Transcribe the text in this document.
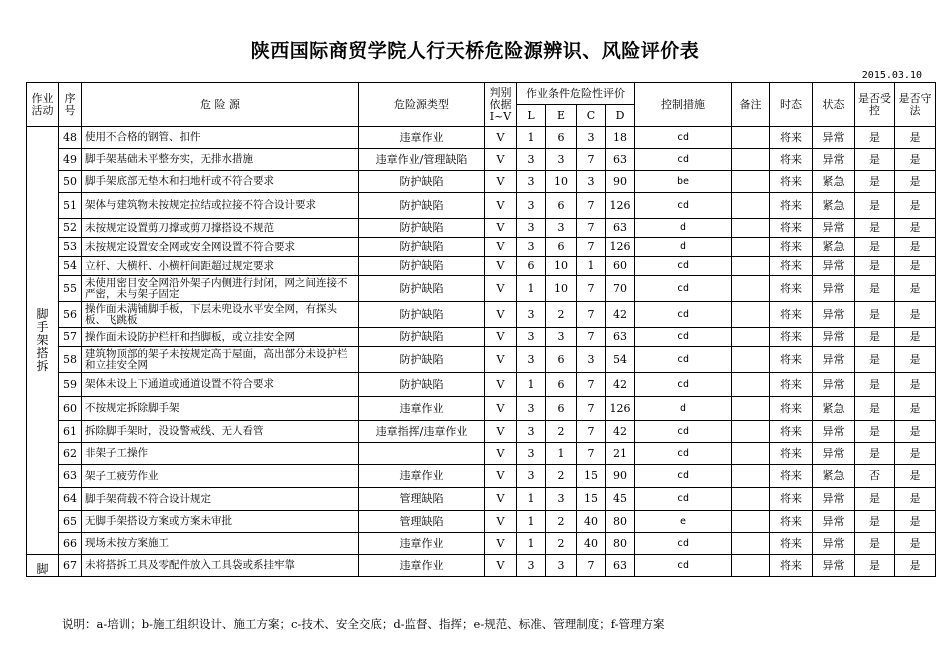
陕西国际商贸学院人行天桥危险源辨识、风险评价表
2015.03.10
作业活动	序号	危 险 源	危险源类型	判别依据I~V	作业条件危险性评价				控制措施	备注	时态	状态	是否受控	是否守法
					L	E	C	D						
脚手架搭拆	48	使用不合格的钢管、扣件	违章作业	V	1	6	3	18	cd		将来	异常	是	是
	49	脚手架基础未平整夯实，无排水措施	违章作业/管理缺陷	V	3	3	7	63	cd		将来	异常	是	是
	50	脚手架底部无垫木和扫地杆或不符合要求	防护缺陷	V	3	10	3	90	be		将来	紧急	是	是
	51	架体与建筑物未按规定拉结或拉接不符合设计要求	防护缺陷	V	3	6	7	126	cd		将来	紧急	是	是
	52	未按规定设置剪刀撑或剪刀撑搭设不规范	防护缺陷	V	3	3	7	63	d		将来	异常	是	是
	53	未按规定设置安全网或安全网设置不符合要求	防护缺陷	V	3	6	7	126	d		将来	紧急	是	是
	54	立杆、大横杆、小横杆间距超过规定要求	防护缺陷	V	6	10	1	60	cd		将来	异常	是	是
	55	未使用密目安全网沿外架子内侧进行封闭，网之间连接不严密，未与架子固定	防护缺陷	V	1	10	7	70	cd		将来	异常	是	是
	56	操作面未满铺脚手板，下层未兜设水平安全网，有探头板、飞跳板	防护缺陷	V	3	2	7	42	cd		将来	异常	是	是
	57	操作面未设防护栏杆和挡脚板，或立挂安全网	防护缺陷	V	3	3	7	63	cd		将来	异常	是	是
	58	建筑物顶部的架子未按规定高于屋面，高出部分未设护栏和立挂安全网	防护缺陷	V	3	6	3	54	cd		将来	异常	是	是
	59	架体未设上下通道或通道设置不符合要求	防护缺陷	V	1	6	7	42	cd		将来	异常	是	是
	60	不按规定拆除脚手架	违章作业	V	3	6	7	126	d		将来	紧急	是	是
	61	拆除脚手架时，没设警戒线、无人看管	违章指挥/违章作业	V	3	2	7	42	cd		将来	异常	是	是
	62	非架子工操作		V	3	1	7	21	cd		将来	异常	是	是
	63	架子工疲劳作业	违章作业	V	3	2	15	90	cd		将来	紧急	否	是
	64	脚手架荷载不符合设计规定	管理缺陷	V	1	3	15	45	cd		将来	异常	是	是
	65	无脚手架搭设方案或方案未审批	管理缺陷	V	1	2	40	80	e		将来	异常	是	是
	66	现场未按方案施工	违章作业	V	1	2	40	80	cd		将来	异常	是	是
脚	67	未将搭拆工具及零配件放入工具袋或系挂牢靠	违章作业	V	3	3	7	63	cd		将来	异常	是	是
说明：a-培训；b-施工组织设计、施工方案；c-技术、安全交底；d-监督、指挥；e-规范、标准、管理制度；f-管理方案
